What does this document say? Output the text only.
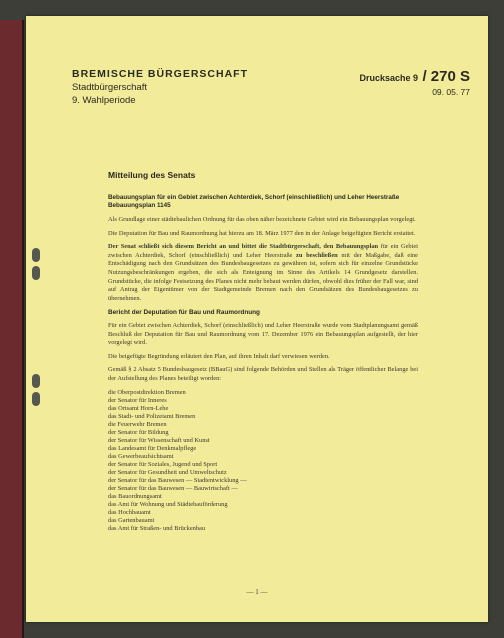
BREMISCHE BÜRGERSCHAFT
Stadtbürgerschaft
9. Wahlperiode
Drucksache 9 / 270 S
09. 05. 77
Mitteilung des Senats
Bebauungsplan für ein Gebiet zwischen Achterdiek, Schorf (einschließlich) und Leher Heerstraße
Bebauungsplan 1145

Als Grundlage einer städtebaulichen Ordnung für das oben näher bezeichnete Gebiet wird ein Bebauungsplan vorgelegt.

Die Deputation für Bau und Raumordnung hat hierzu am 18. März 1977 den in der Anlage beigefügten Bericht erstattet.

Der Senat schließt sich diesem Bericht an und bittet die Stadtbürgerschaft, den Bebauungsplan für ein Gebiet zwischen Achterdiek, Schorf (einschließlich) und Leher Heerstraße zu beschließen mit der Maßgabe, daß eine Entschädigung nach den Grundsätzen des Bundesbaugesetzes zu gewähren ist, sofern sich für einzelne Grundstücke Nutzungsbeschränkungen ergeben, die sich als Enteignung im Sinne des Artikels 14 Grundgesetz darstellen. Grundstücke, die infolge Festsetzung des Planes nicht mehr bebaut werden dürfen, obwohl dies früher der Fall war, sind auf Antrag der Eigentümer von der Stadtgemeinde Bremen nach den Grundsätzen des Bundesbaugesetzes zu übernehmen.

Bericht der Deputation für Bau und Raumordnung

Für ein Gebiet zwischen Achterdiek, Schorf (einschließlich) und Leher Heerstraße wurde vom Stadtplanungsamt gemäß Beschluß der Deputation für Bau und Raumordnung vom 17. Dezember 1976 ein Bebauungsplan aufgestellt, der hier vorgelegt wird.

Die beigefügte Begründung erläutert den Plan, auf ihren Inhalt darf verwiesen werden.

Gemäß § 2 Absatz 5 Bundesbaugesetz (BBauG) sind folgende Behörden und Stellen als Träger öffentlicher Belange bei der Aufstellung des Planes beteiligt worden:

die Oberpostdirektion Bremen
der Senator für Inneres
das Ortsamt Horn-Lehe
das Stadt- und Polizeiamt Bremen
die Feuerwehr Bremen
der Senator für Bildung
der Senator für Wissenschaft und Kunst
das Landesamt für Denkmalpflege
das Gewerbeaufsichtsamt
der Senator für Soziales, Jugend und Sport
der Senator für Gesundheit und Umweltschutz
der Senator für das Bauwesen — Stadtentwicklung —
der Senator für das Bauwesen — Bauwirtschaft —
das Bauordnungsamt
das Amt für Wohnung und Städtebauförderung
das Hochbauamt
das Gartenbauamt
das Amt für Straßen- und Brückenbau
— 1 —
